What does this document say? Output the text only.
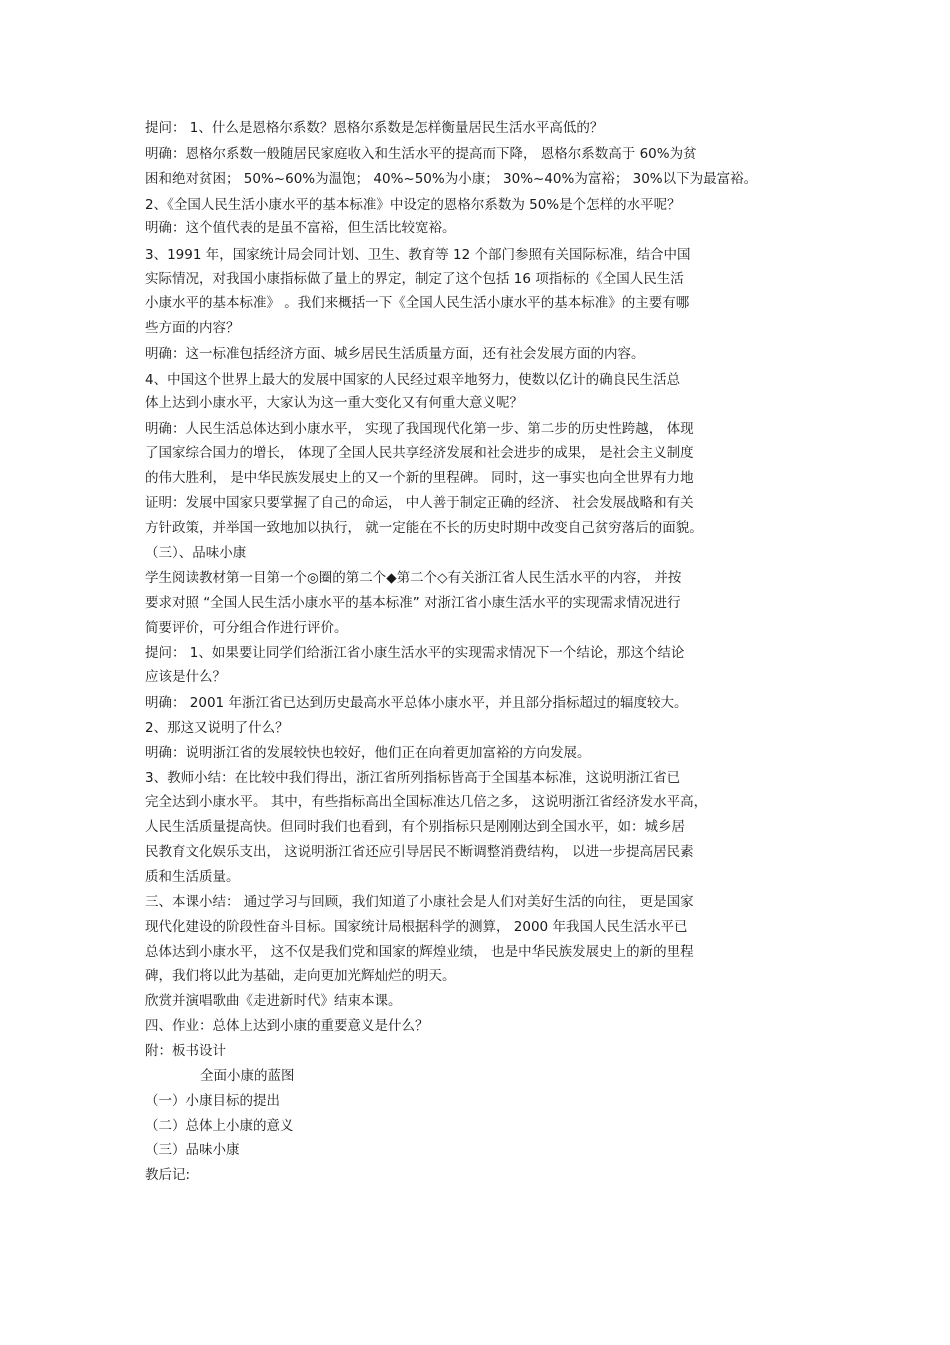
提问： 1、什么是恩格尔系数？恩格尔系数是怎样衡量居民生活水平高低的？
明确：恩格尔系数一般随居民家庭收入和生活水平的提高而下降， 恩格尔系数高于 60%为贫
困和绝对贫困； 50%~60%为温饱； 40%~50%为小康； 30%~40%为富裕； 30%以下为最富裕。
2、《全国人民生活小康水平的基本标准》中设定的恩格尔系数为 50%是个怎样的水平呢？
明确：这个值代表的是虽不富裕，但生活比较宽裕。
3、1991 年，国家统计局会同计划、卫生、教育等 12 个部门参照有关国际标准，结合中国
实际情况，对我国小康指标做了量上的界定，制定了这个包括 16 项指标的《全国人民生活
小康水平的基本标准》 。我们来概括一下《全国人民生活小康水平的基本标准》的主要有哪
些方面的内容？
明确：这一标准包括经济方面、城乡居民生活质量方面，还有社会发展方面的内容。
4、中国这个世界上最大的发展中国家的人民经过艰辛地努力，使数以亿计的确良民生活总
体上达到小康水平，大家认为这一重大变化又有何重大意义呢？
明确：人民生活总体达到小康水平， 实现了我国现代化第一步、第二步的历史性跨越， 体现
了国家综合国力的增长， 体现了全国人民共享经济发展和社会进步的成果， 是社会主义制度
的伟大胜利， 是中华民族发展史上的又一个新的里程碑。 同时，这一事实也向全世界有力地
证明：发展中国家只要掌握了自己的命运， 中人善于制定正确的经济、 社会发展战略和有关
方针政策，并举国一致地加以执行， 就一定能在不长的历史时期中改变自己贫穷落后的面貌。
（三）、品味小康
学生阅读教材第一目第一个◎圈的第二个◆第二个◇有关浙江省人民生活水平的内容， 并按
要求对照 “全国人民生活小康水平的基本标准” 对浙江省小康生活水平的实现需求情况进行
简要评价，可分组合作进行评价。
提问： 1、如果要让同学们给浙江省小康生活水平的实现需求情况下一个结论，那这个结论
应该是什么？
明确： 2001 年浙江省已达到历史最高水平总体小康水平，并且部分指标超过的辐度较大。
2、那这又说明了什么？
明确：说明浙江省的发展较快也较好，他们正在向着更加富裕的方向发展。
3、教师小结：在比较中我们得出，浙江省所列指标皆高于全国基本标准，这说明浙江省已
完全达到小康水平。 其中，有些指标高出全国标准达几倍之多， 这说明浙江省经济发水平高，
人民生活质量提高快。但同时我们也看到，有个别指标只是刚刚达到全国水平，如：城乡居
民教育文化娱乐支出， 这说明浙江省还应引导居民不断调整消费结构， 以进一步提高居民素
质和生活质量。
三、本课小结： 通过学习与回顾，我们知道了小康社会是人们对美好生活的向往， 更是国家
现代化建设的阶段性奋斗目标。国家统计局根据科学的测算， 2000 年我国人民生活水平已
总体达到小康水平， 这不仅是我们党和国家的辉煌业绩， 也是中华民族发展史上的新的里程
碑，我们将以此为基础，走向更加光辉灿烂的明天。
欣赏并演唱歌曲《走进新时代》结束本课。
四、作业：总体上达到小康的重要意义是什么？
附：板书设计
全面小康的蓝图
（一）小康目标的提出
（二）总体上小康的意义
（三）品味小康
教后记:
